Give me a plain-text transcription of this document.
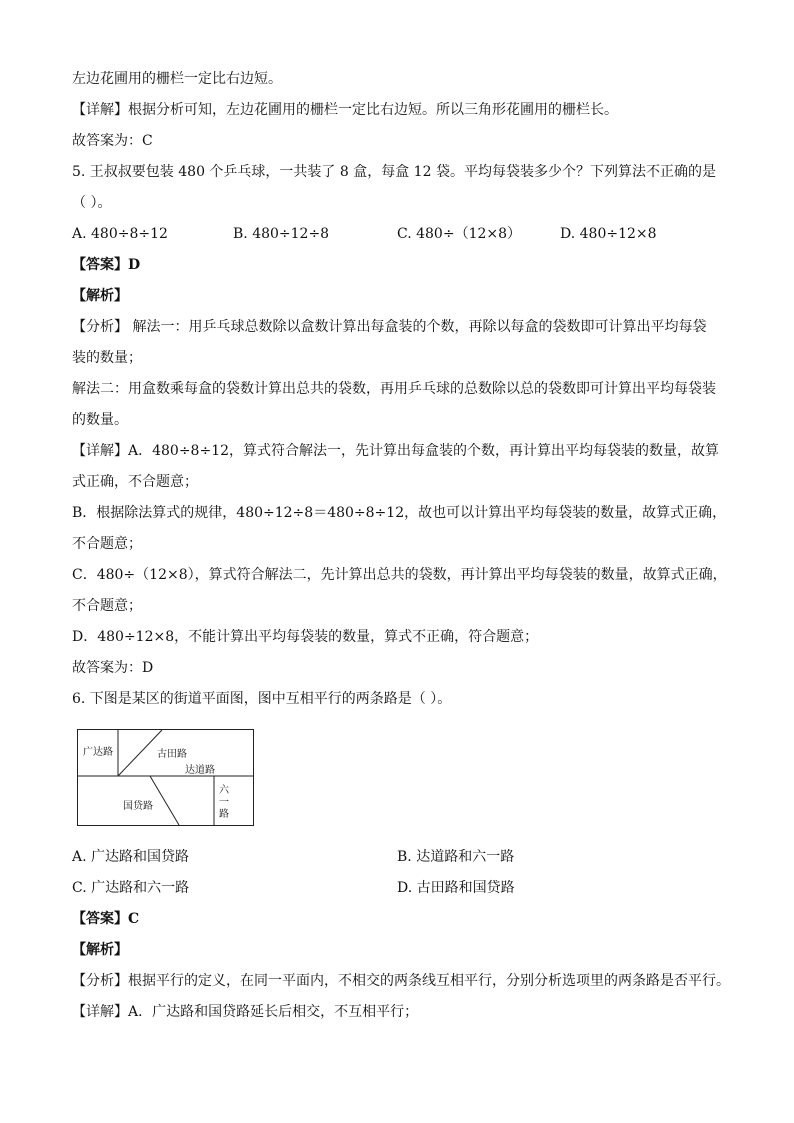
左边花圃用的栅栏一定比右边短。
【详解】根据分析可知，左边花圃用的栅栏一定比右边短。所以三角形花圃用的栅栏长。
故答案为：C
5. 王叔叔要包装 480 个乒乓球，一共装了 8 盒，每盒 12 袋。平均每袋装多少个？下列算法不正确的是
（ ）。
A. 480÷8÷12	B. 480÷12÷8	C. 480÷（12×8）	D. 480÷12×8
【答案】D
【解析】
【分析】 解法一：用乒乓球总数除以盒数计算出每盒装的个数，再除以每盒的袋数即可计算出平均每袋
装的数量；
解法二：用盒数乘每盒的袋数计算出总共的袋数，再用乒乓球的总数除以总的袋数即可计算出平均每袋装
的数量。
【详解】A．480÷8÷12，算式符合解法一，先计算出每盒装的个数，再计算出平均每袋装的数量，故算
式正确，不合题意；
B．根据除法算式的规律，480÷12÷8＝480÷8÷12，故也可以计算出平均每袋装的数量，故算式正确，
不合题意；
C．480÷（12×8），算式符合解法二，先计算出总共的袋数，再计算出平均每袋装的数量，故算式正确，
不合题意；
D．480÷12×8，不能计算出平均每袋装的数量，算式不正确，符合题意；
故答案为：D
6. 下图是某区的街道平面图，图中互相平行的两条路是（ ）。
广达路	古田路
达道路
国贷路
六
一
路
A. 广达路和国贷路	B. 达道路和六一路
C. 广达路和六一路	D. 古田路和国贷路
【答案】C
【解析】
【分析】根据平行的定义，在同一平面内，不相交的两条线互相平行，分别分析选项里的两条路是否平行。
【详解】A．广达路和国贷路延长后相交，不互相平行；
